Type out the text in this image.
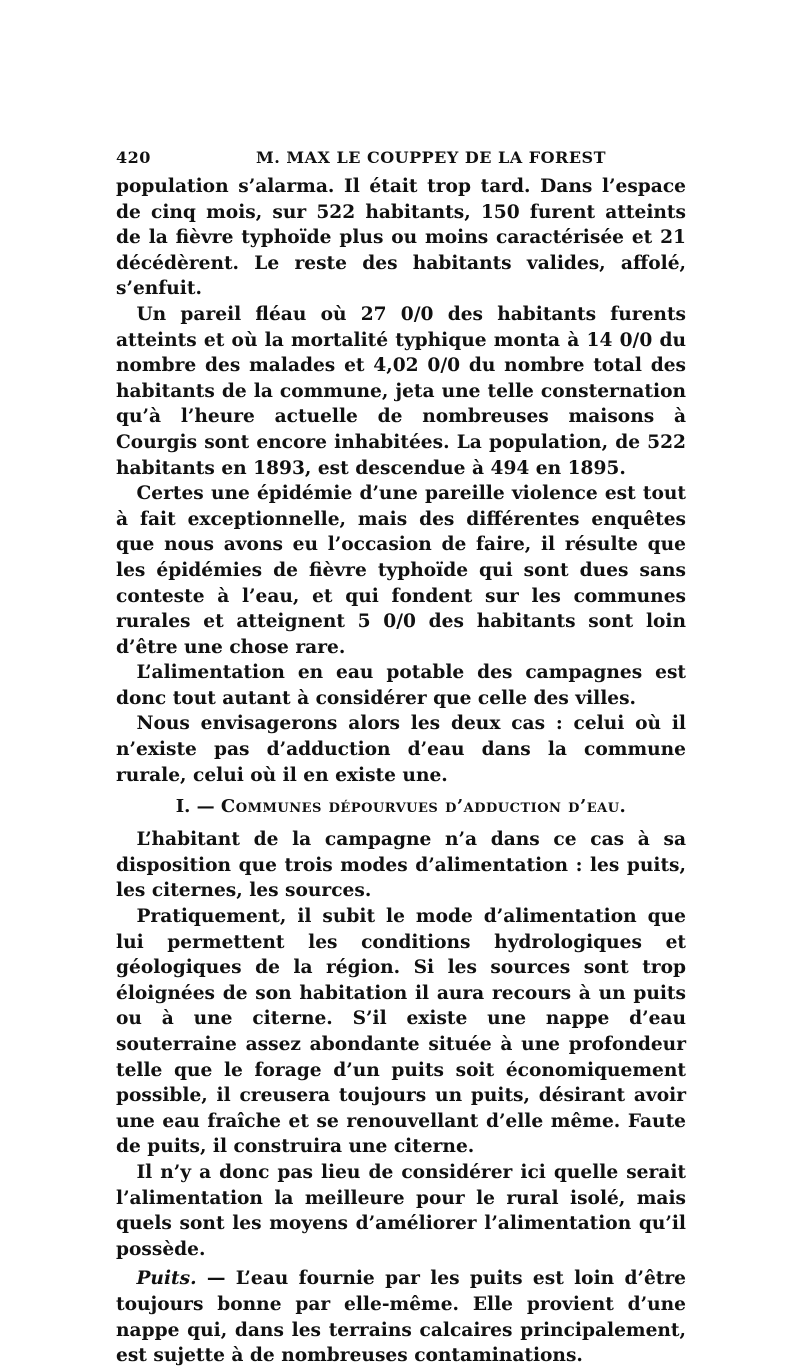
420	M. MAX LE COUPPEY DE LA FOREST

population s’alarma. Il était trop tard. Dans l’espace de cinq mois, sur 522 habitants, 150 furent atteints de la fièvre typhoïde plus ou moins caractérisée et 21 décédèrent. Le reste des habitants valides, affolé, s’enfuit.

Un pareil fléau où 27 0/0 des habitants furents atteints et où la mortalité typhique monta à 14 0/0 du nombre des malades et 4,02 0/0 du nombre total des habitants de la commune, jeta une telle consternation qu’à l’heure actuelle de nombreuses maisons à Courgis sont encore inhabitées. La population, de 522 habitants en 1893, est descendue à 494 en 1895.

Certes une épidémie d’une pareille violence est tout à fait exceptionnelle, mais des différentes enquêtes que nous avons eu l’occasion de faire, il résulte que les épidémies de fièvre typhoïde qui sont dues sans conteste à l’eau, et qui fondent sur les communes rurales et atteignent 5 0/0 des habitants sont loin d’être une chose rare.

L’alimentation en eau potable des campagnes est donc tout autant à considérer que celle des villes.

Nous envisagerons alors les deux cas : celui où il n’existe pas d’adduction d’eau dans la commune rurale, celui où il en existe une.

I. — Communes dépourvues d’adduction d’eau.

L’habitant de la campagne n’a dans ce cas à sa disposition que trois modes d’alimentation : les puits, les citernes, les sources.

Pratiquement, il subit le mode d’alimentation que lui permettent les conditions hydrologiques et géologiques de la région. Si les sources sont trop éloignées de son habitation il aura recours à un puits ou à une citerne. S’il existe une nappe d’eau souterraine assez abondante située à une profondeur telle que le forage d’un puits soit économiquement possible, il creusera toujours un puits, désirant avoir une eau fraîche et se renouvellant d’elle même. Faute de puits, il construira une citerne.

Il n’y a donc pas lieu de considérer ici quelle serait l’alimentation la meilleure pour le rural isolé, mais quels sont les moyens d’améliorer l’alimentation qu’il possède.

Puits. — L’eau fournie par les puits est loin d’être toujours bonne par elle-même. Elle provient d’une nappe qui, dans les terrains calcaires principalement, est sujette à de nombreuses contaminations.
